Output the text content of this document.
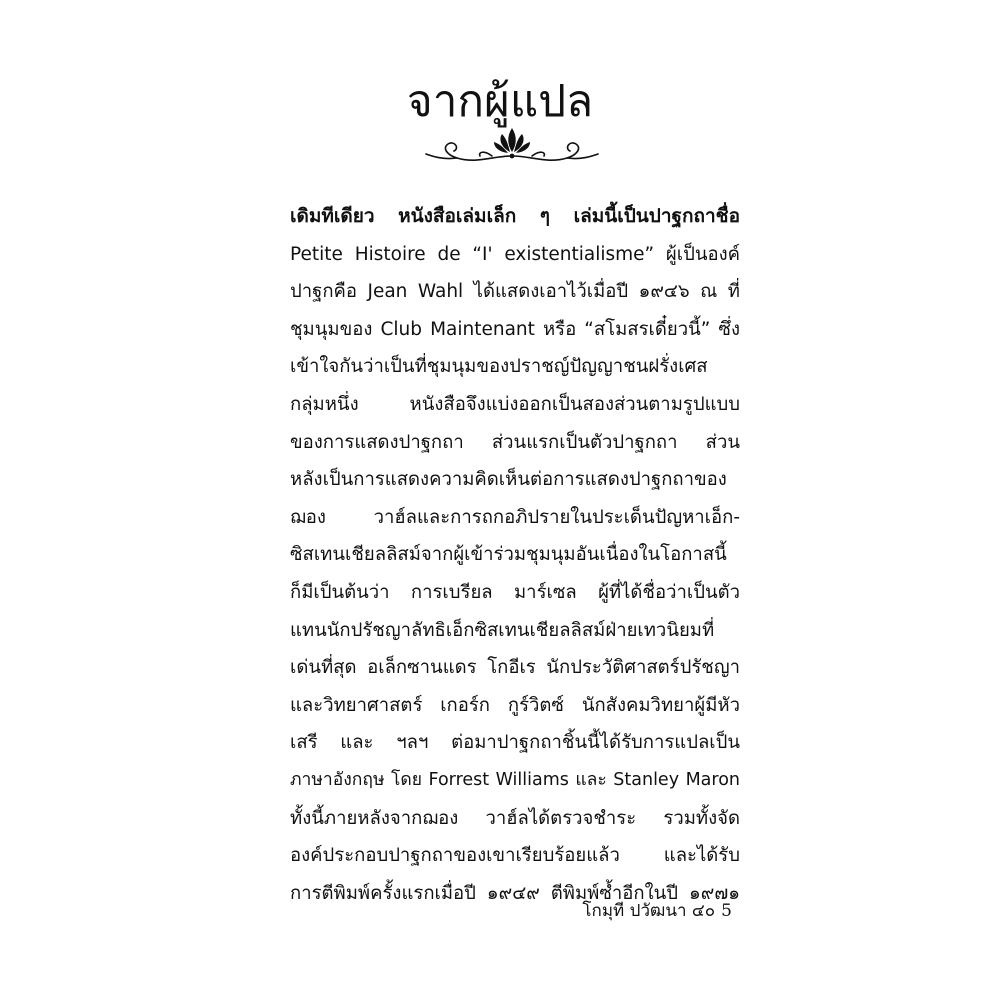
จากผู้แปล
เดิมทีเดียว หนังสือเล่มเล็ก ๆ เล่มนี้เป็นปาฐกถาชื่อ
Petite Histoire de “I' existentialisme” ผู้เป็นองค์
ปาฐกคือ Jean Wahl ได้แสดงเอาไว้เมื่อปี ๑๙๔๖ ณ ที่
ชุมนุมของ Club Maintenant หรือ “สโมสรเดี๋ยวนี้” ซึ่ง
เข้าใจกันว่าเป็นที่ชุมนุมของปราชญ์ปัญญาชนฝรั่งเศส
กลุ่มหนึ่ง หนังสือจึงแบ่งออกเป็นสองส่วนตามรูปแบบ
ของการแสดงปาฐกถา ส่วนแรกเป็นตัวปาฐกถา ส่วน
หลังเป็นการแสดงความคิดเห็นต่อการแสดงปาฐกถาของ
ฌอง วาฮ์ลและการถกอภิปรายในประเด็นปัญหาเอ็ก-
ซิสเทนเชียลลิสม์จากผู้เข้าร่วมชุมนุมอันเนื่องในโอกาสนี้
ก็มีเป็นต้นว่า การเบรียล มาร์เซล ผู้ที่ได้ชื่อว่าเป็นตัว
แทนนักปรัชญาลัทธิเอ็กซิสเทนเชียลลิสม์ฝ่ายเทวนิยมที่
เด่นที่สุด อเล็กซานแดร โกอีเร นักประวัติศาสตร์ปรัชญา
และวิทยาศาสตร์ เกอร์ก กูร์วิตซ์ นักสังคมวิทยาผู้มีหัว
เสรี และ ฯลฯ ต่อมาปาฐกถาชิ้นนี้ได้รับการแปลเป็น
ภาษาอังกฤษ โดย Forrest Williams และ Stanley Maron
ทั้งนี้ภายหลังจากฌอง วาฮ์ลได้ตรวจชำระ รวมทั้งจัด
องค์ประกอบปาฐกถาของเขาเรียบร้อยแล้ว และได้รับ
การตีพิมพ์ครั้งแรกเมื่อปี ๑๙๔๙ ตีพิมพ์ซ้ำอีกในปี ๑๙๗๑
โกมุที ปวัฒนา ๔๐ 5
